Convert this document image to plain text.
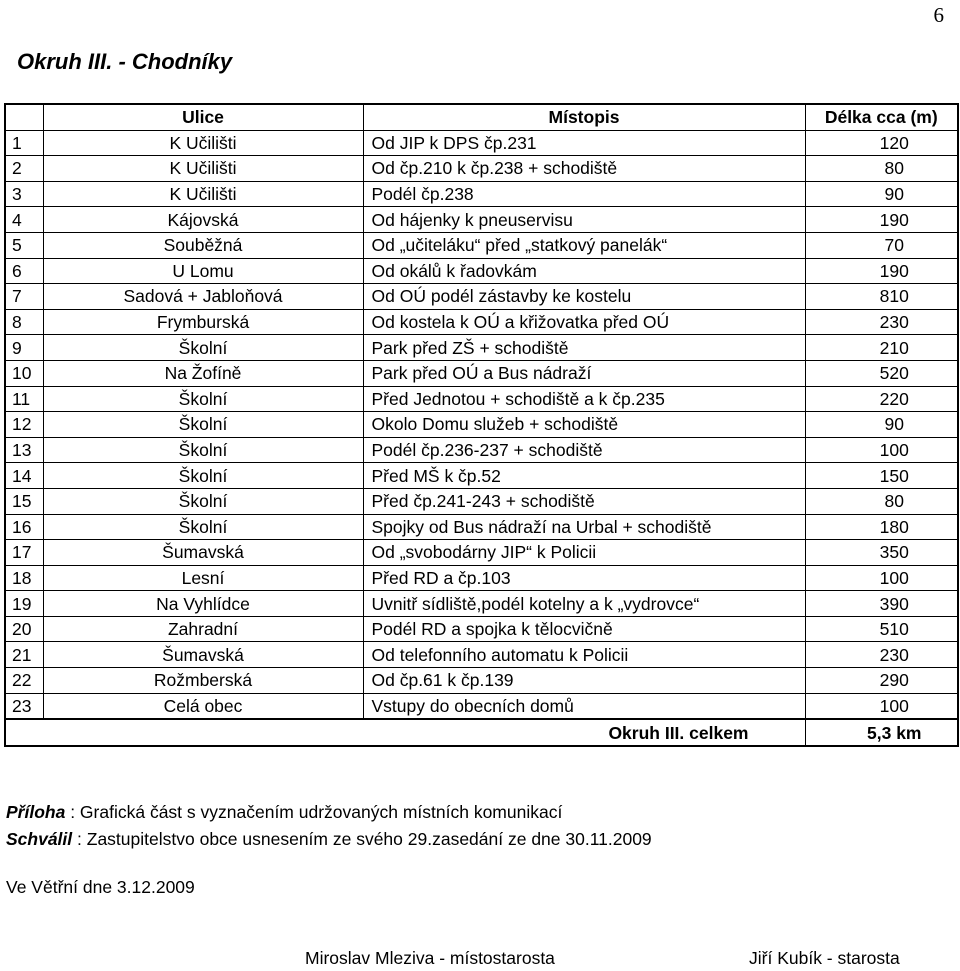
6
Okruh III. - Chodníky
	Ulice	Místopis	Délka cca (m)
1	K Učilišti	Od JIP k DPS čp.231	120
2	K Učilišti	Od čp.210 k čp.238 + schodiště	80
3	K Učilišti	Podél čp.238	90
4	Kájovská	Od hájenky k pneuservisu	190
5	Souběžná	Od „učiteláku“ před „statkový panelák“	70
6	U Lomu	Od okálů k řadovkám	190
7	Sadová + Jabloňová	Od OÚ podél zástavby ke kostelu	810
8	Frymburská	Od kostela k OÚ a křižovatka před OÚ	230
9	Školní	Park před ZŠ + schodiště	210
10	Na Žofíně	Park před OÚ a Bus nádraží	520
11	Školní	Před Jednotou + schodiště a k čp.235	220
12	Školní	Okolo Domu služeb + schodiště	90
13	Školní	Podél čp.236-237 + schodiště	100
14	Školní	Před MŠ k čp.52	150
15	Školní	Před čp.241-243 + schodiště	80
16	Školní	Spojky od Bus nádraží na Urbal + schodiště	180
17	Šumavská	Od „svobodárny JIP“ k Policii	350
18	Lesní	Před RD a čp.103	100
19	Na Vyhlídce	Uvnitř sídliště,podél kotelny a k „vydrovce“	390
20	Zahradní	Podél RD a spojka k tělocvičně	510
21	Šumavská	Od telefonního automatu k Policii	230
22	Rožmberská	Od čp.61 k čp.139	290
23	Celá obec	Vstupy do obecních domů	100
		Okruh III. celkem	5,3 km
Příloha : Grafická část s vyznačením udržovaných místních komunikací
Schválil : Zastupitelstvo obce usnesením ze svého 29.zasedání ze dne 30.11.2009
Ve Větřní dne 3.12.2009
Miroslav Mleziva - místostarosta	Jiří Kubík - starosta
